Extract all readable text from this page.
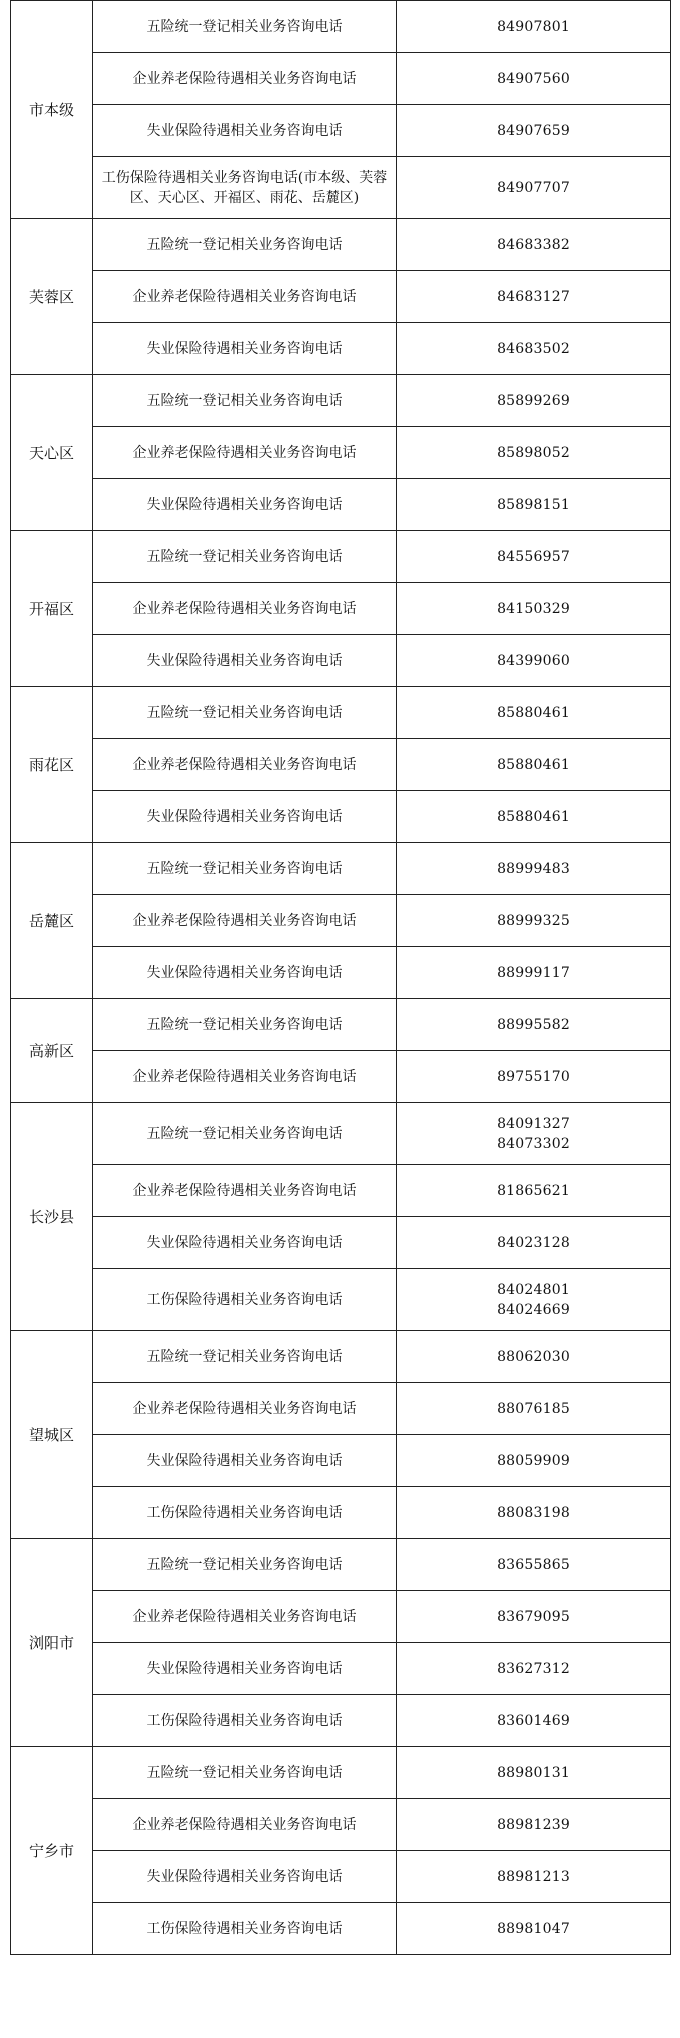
市本级	五险统一登记相关业务咨询电话	84907801

	企业养老保险待遇相关业务咨询电话	84907560

	失业保险待遇相关业务咨询电话	84907659

	工伤保险待遇相关业务咨询电话(市本级、芙蓉区、天心区、开福区、雨花、岳麓区)	84907707

芙蓉区	五险统一登记相关业务咨询电话	84683382

	企业养老保险待遇相关业务咨询电话	84683127

	失业保险待遇相关业务咨询电话	84683502

天心区	五险统一登记相关业务咨询电话	85899269

	企业养老保险待遇相关业务咨询电话	85898052

	失业保险待遇相关业务咨询电话	85898151

开福区	五险统一登记相关业务咨询电话	84556957

	企业养老保险待遇相关业务咨询电话	84150329

	失业保险待遇相关业务咨询电话	84399060

雨花区	五险统一登记相关业务咨询电话	85880461

	企业养老保险待遇相关业务咨询电话	85880461

	失业保险待遇相关业务咨询电话	85880461

岳麓区	五险统一登记相关业务咨询电话	88999483

	企业养老保险待遇相关业务咨询电话	88999325

	失业保险待遇相关业务咨询电话	88999117

高新区	五险统一登记相关业务咨询电话	88995582

	企业养老保险待遇相关业务咨询电话	89755170

长沙县	五险统一登记相关业务咨询电话	84091327
84073302

	企业养老保险待遇相关业务咨询电话	81865621

	失业保险待遇相关业务咨询电话	84023128

	工伤保险待遇相关业务咨询电话	84024801
84024669

望城区	五险统一登记相关业务咨询电话	88062030

	企业养老保险待遇相关业务咨询电话	88076185

	失业保险待遇相关业务咨询电话	88059909

	工伤保险待遇相关业务咨询电话	88083198

浏阳市	五险统一登记相关业务咨询电话	83655865

	企业养老保险待遇相关业务咨询电话	83679095

	失业保险待遇相关业务咨询电话	83627312

	工伤保险待遇相关业务咨询电话	83601469

宁乡市	五险统一登记相关业务咨询电话	88980131

	企业养老保险待遇相关业务咨询电话	88981239

	失业保险待遇相关业务咨询电话	88981213

	工伤保险待遇相关业务咨询电话	88981047
